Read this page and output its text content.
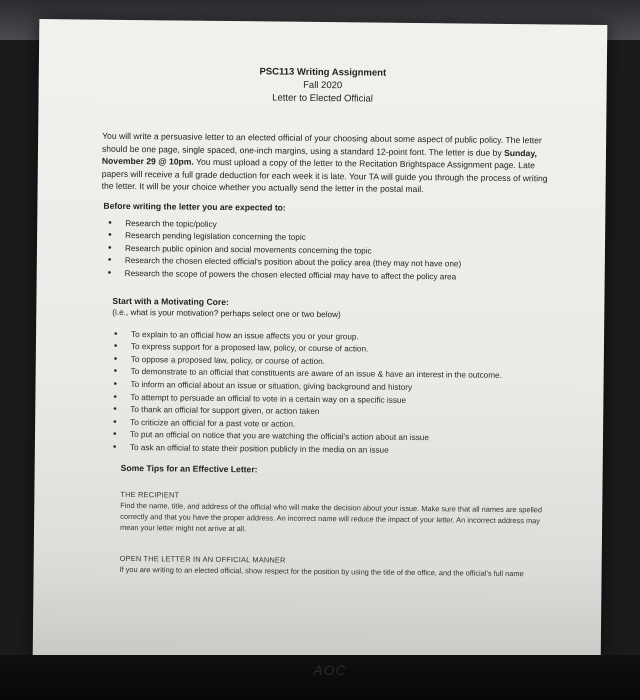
PSC113 Writing Assignment
Fall 2020
Letter to Elected Official
You will write a persuasive letter to an elected official of your choosing about some aspect of public policy. The letter should be one page, single spaced, one-inch margins, using a standard 12-point font. The letter is due by Sunday, November 29 @ 10pm. You must upload a copy of the letter to the Recitation Brightspace Assignment page. Late papers will receive a full grade deduction for each week it is late. Your TA will guide you through the process of writing the letter. It will be your choice whether you actually send the letter in the postal mail.
Before writing the letter you are expected to:
• Research the topic/policy
• Research pending legislation concerning the topic
• Research public opinion and social movements concerning the topic
• Research the chosen elected official's position about the policy area (they may not have one)
• Research the scope of powers the chosen elected official may have to affect the policy area
Start with a Motivating Core:
(i.e., what is your motivation? perhaps select one or two below)
• To explain to an official how an issue affects you or your group.
• To express support for a proposed law, policy, or course of action.
• To oppose a proposed law, policy, or course of action.
• To demonstrate to an official that constituents are aware of an issue & have an interest in the outcome.
• To inform an official about an issue or situation, giving background and history
• To attempt to persuade an official to vote in a certain way on a specific issue
• To thank an official for support given, or action taken
• To criticize an official for a past vote or action.
• To put an official on notice that you are watching the official's action about an issue
• To ask an official to state their position publicly in the media on an issue
Some Tips for an Effective Letter:
THE RECIPIENT
Find the name, title, and address of the official who will make the decision about your issue. Make sure that all names are spelled correctly and that you have the proper address. An incorrect name will reduce the impact of your letter. An incorrect address may mean your letter might not arrive at all.
OPEN THE LETTER IN AN OFFICIAL MANNER
If you are writing to an elected official, show respect for the position by using the title of the office, and the official's full name
AOC
